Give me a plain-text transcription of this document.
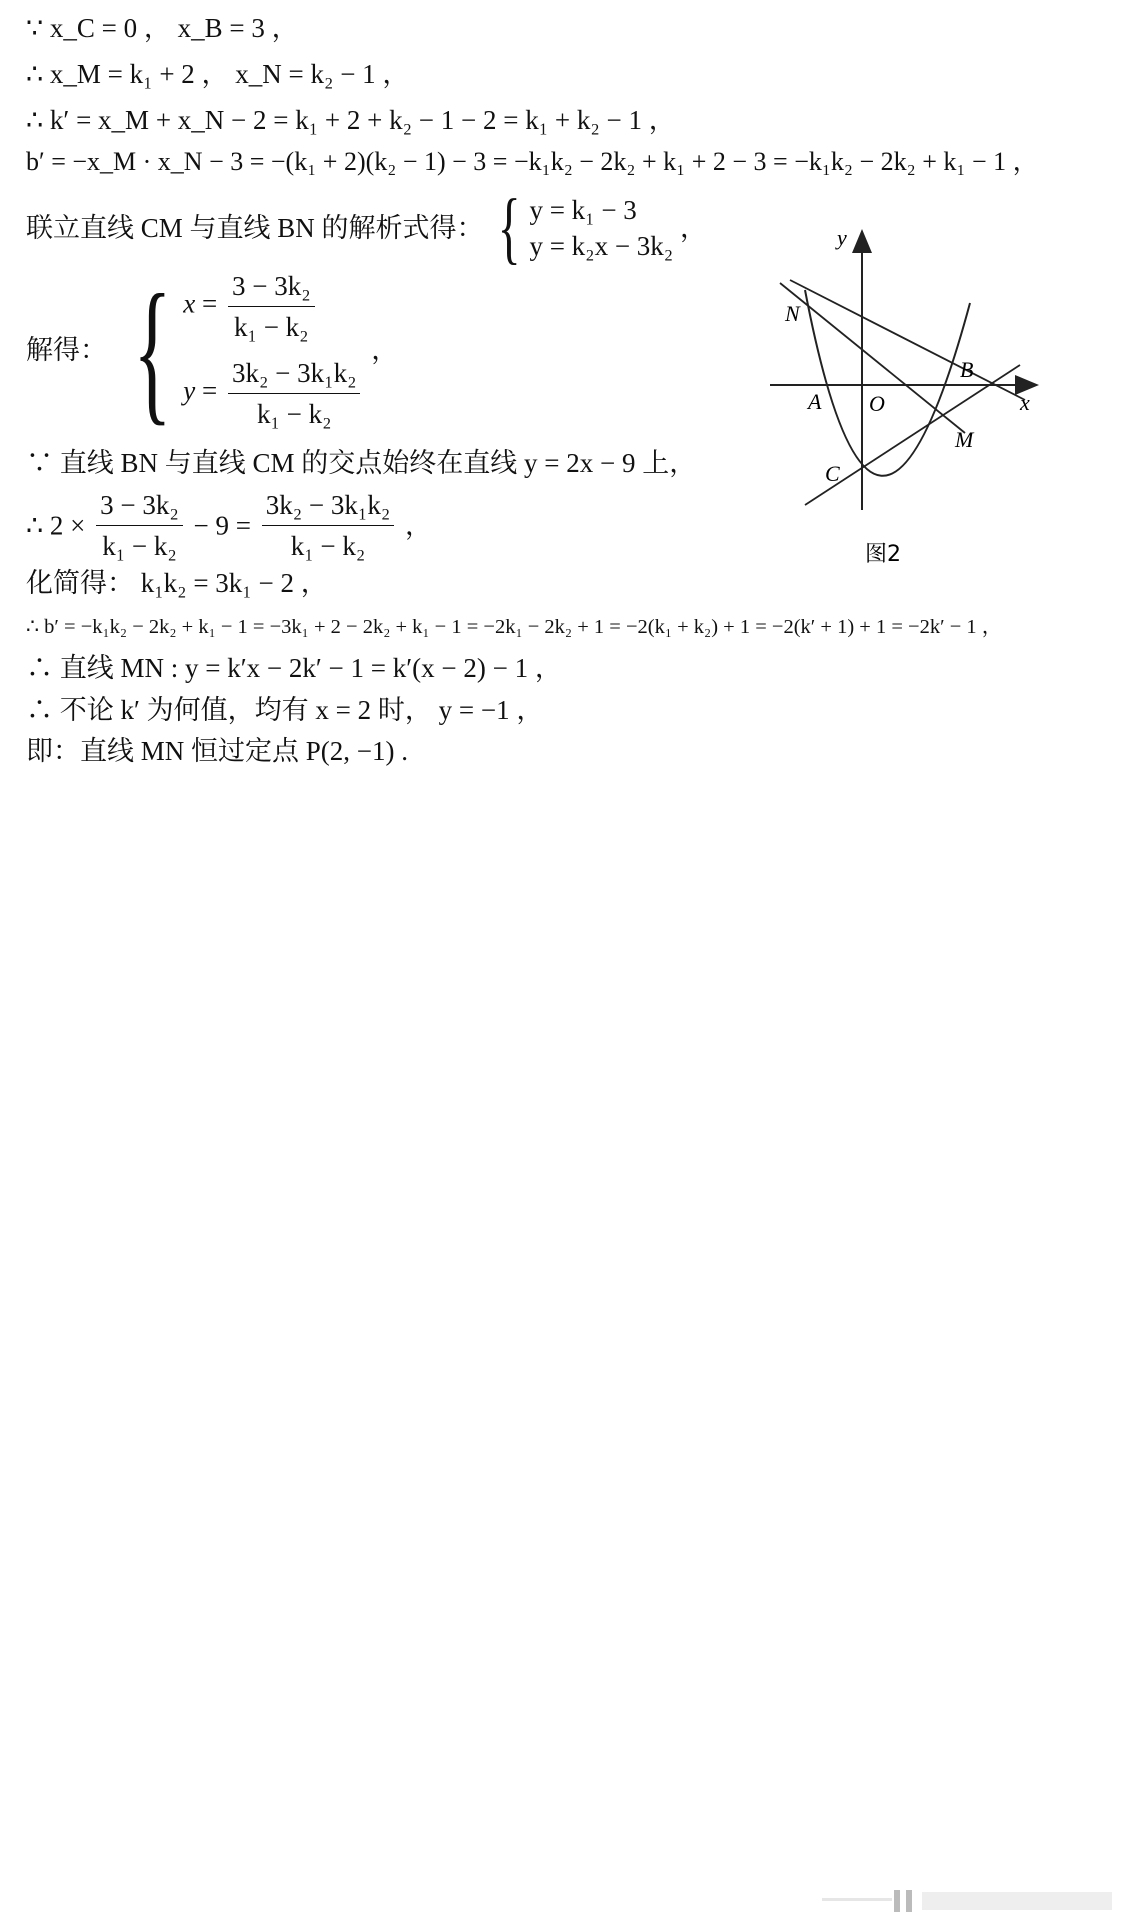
∵ x_C = 0 ， x_B = 3 ，
∴ x_M = k₁ + 2 ， x_N = k₂ − 1 ，
∴ k′ = x_M + x_N − 2 = k₁ + 2 + k₂ − 1 − 2 = k₁ + k₂ − 1 ，
b′ = −x_M · x_N − 3 = −(k₁ + 2)(k₂ − 1) − 3 = −k₁k₂ − 2k₂ + k₁ + 2 − 3 = −k₁k₂ − 2k₂ + k₁ − 1 ，
联立直线 CM 与直线 BN 的解析式得： { y = k₁ − 3
y = k₂x − 3k₂
，
解得： { $x = \frac{\text{3 − 3k₂}}{\text{k₁ − k₂}}$
$y = \frac{\text{3k₂ − 3k₁k₂}}{\text{k₁ − k₂}}$
，
∵ 直线 BN 与直线 CM 的交点始终在直线 y = 2x − 9 上，
∴ $2 \times \frac{\text{3 − 3k₂}}{\text{k₁ − k₂}} - 9 = \frac{\text{3k₂ − 3k₁k₂}}{\text{k₁ − k₂}}$ ，
化简得： k₁k₂ = 3k₁ − 2 ，
∴ b′ = −k₁k₂ − 2k₂ + k₁ − 1 = −3k₁ + 2 − 2k₂ + k₁ − 1 = −2k₁ − 2k₂ + 1 = −2(k₁ + k₂) + 1 = −2(k′ + 1) + 1 = −2k′ − 1 ，
∴ 直线 MN : y = k′x − 2k′ − 1 = k′(x − 2) − 1 ，
∴ 不论 k′ 为何值，均有 x = 2 时， y = −1 ，
即：直线 MN 恒过定点 P(2, −1) .
y
x
N
B
A O
M
C
图2
